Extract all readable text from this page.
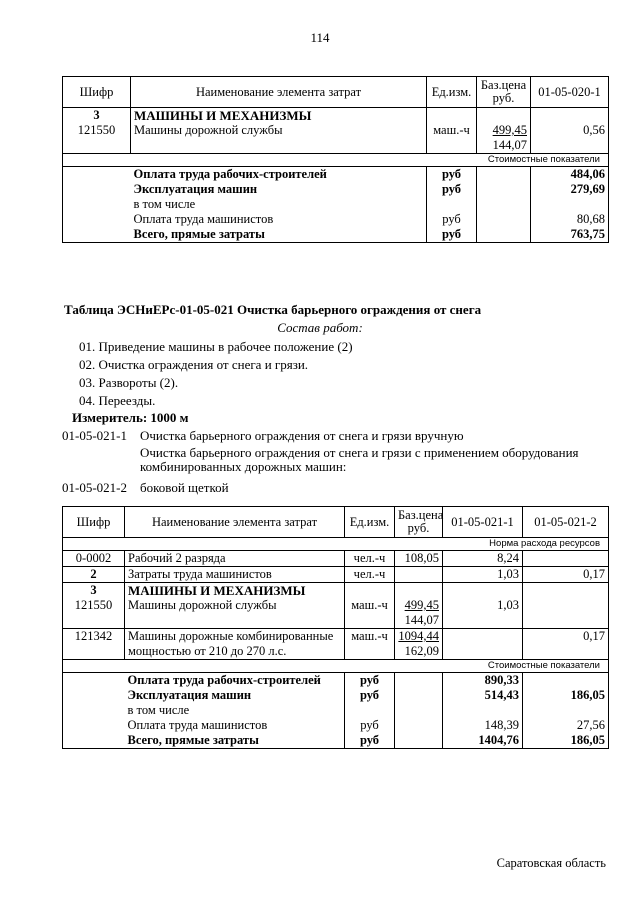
114
Шифр	Наименование элемента затрат	Ед.изм.	Баз.цена руб.	01-05-020-1
3	МАШИНЫ И МЕХАНИЗМЫ			
121550	Машины дорожной службы	маш.-ч	499,45	0,56
			144,07	
Стоимостные показатели				
	Оплата труда рабочих-строителей	руб		484,06
	Эксплуатация машин	руб		279,69
	в том числе			
	Оплата труда машинистов	руб		80,68
	Всего, прямые затраты	руб		763,75
Таблица ЭСНиЕРс-01-05-021 Очистка барьерного ограждения от снега
Состав работ:
01. Приведение машины в рабочее положение (2)
02. Очистка ограждения от снега и грязи.
03. Развороты (2).
04. Переезды.
Измеритель: 1000 м
01-05-021-1 Очистка барьерного ограждения от снега и грязи вручную
Очистка барьерного ограждения от снега и грязи с применением оборудования
комбинированных дорожных машин:
01-05-021-2 боковой щеткой
Шифр	Наименование элемента затрат	Ед.изм.	Баз.цена руб.	01-05-021-1	01-05-021-2
Норма расхода ресурсов					
0-0002	Рабочий 2 разряда	чел.-ч	108,05	8,24	
2	Затраты труда машинистов	чел.-ч		1,03	0,17
3	МАШИНЫ И МЕХАНИЗМЫ				
121550	Машины дорожной службы	маш.-ч	499,45	1,03	
			144,07		
121342	Машины дорожные комбинированные	маш.-ч	1094,44		0,17
	мощностью от 210 до 270 л.с.		162,09		
Стоимостные показатели					
	Оплата труда рабочих-строителей	руб		890,33	
	Эксплуатация машин	руб		514,43	186,05
	в том числе				
	Оплата труда машинистов	руб		148,39	27,56
	Всего, прямые затраты	руб		1404,76	186,05
Саратовская область
